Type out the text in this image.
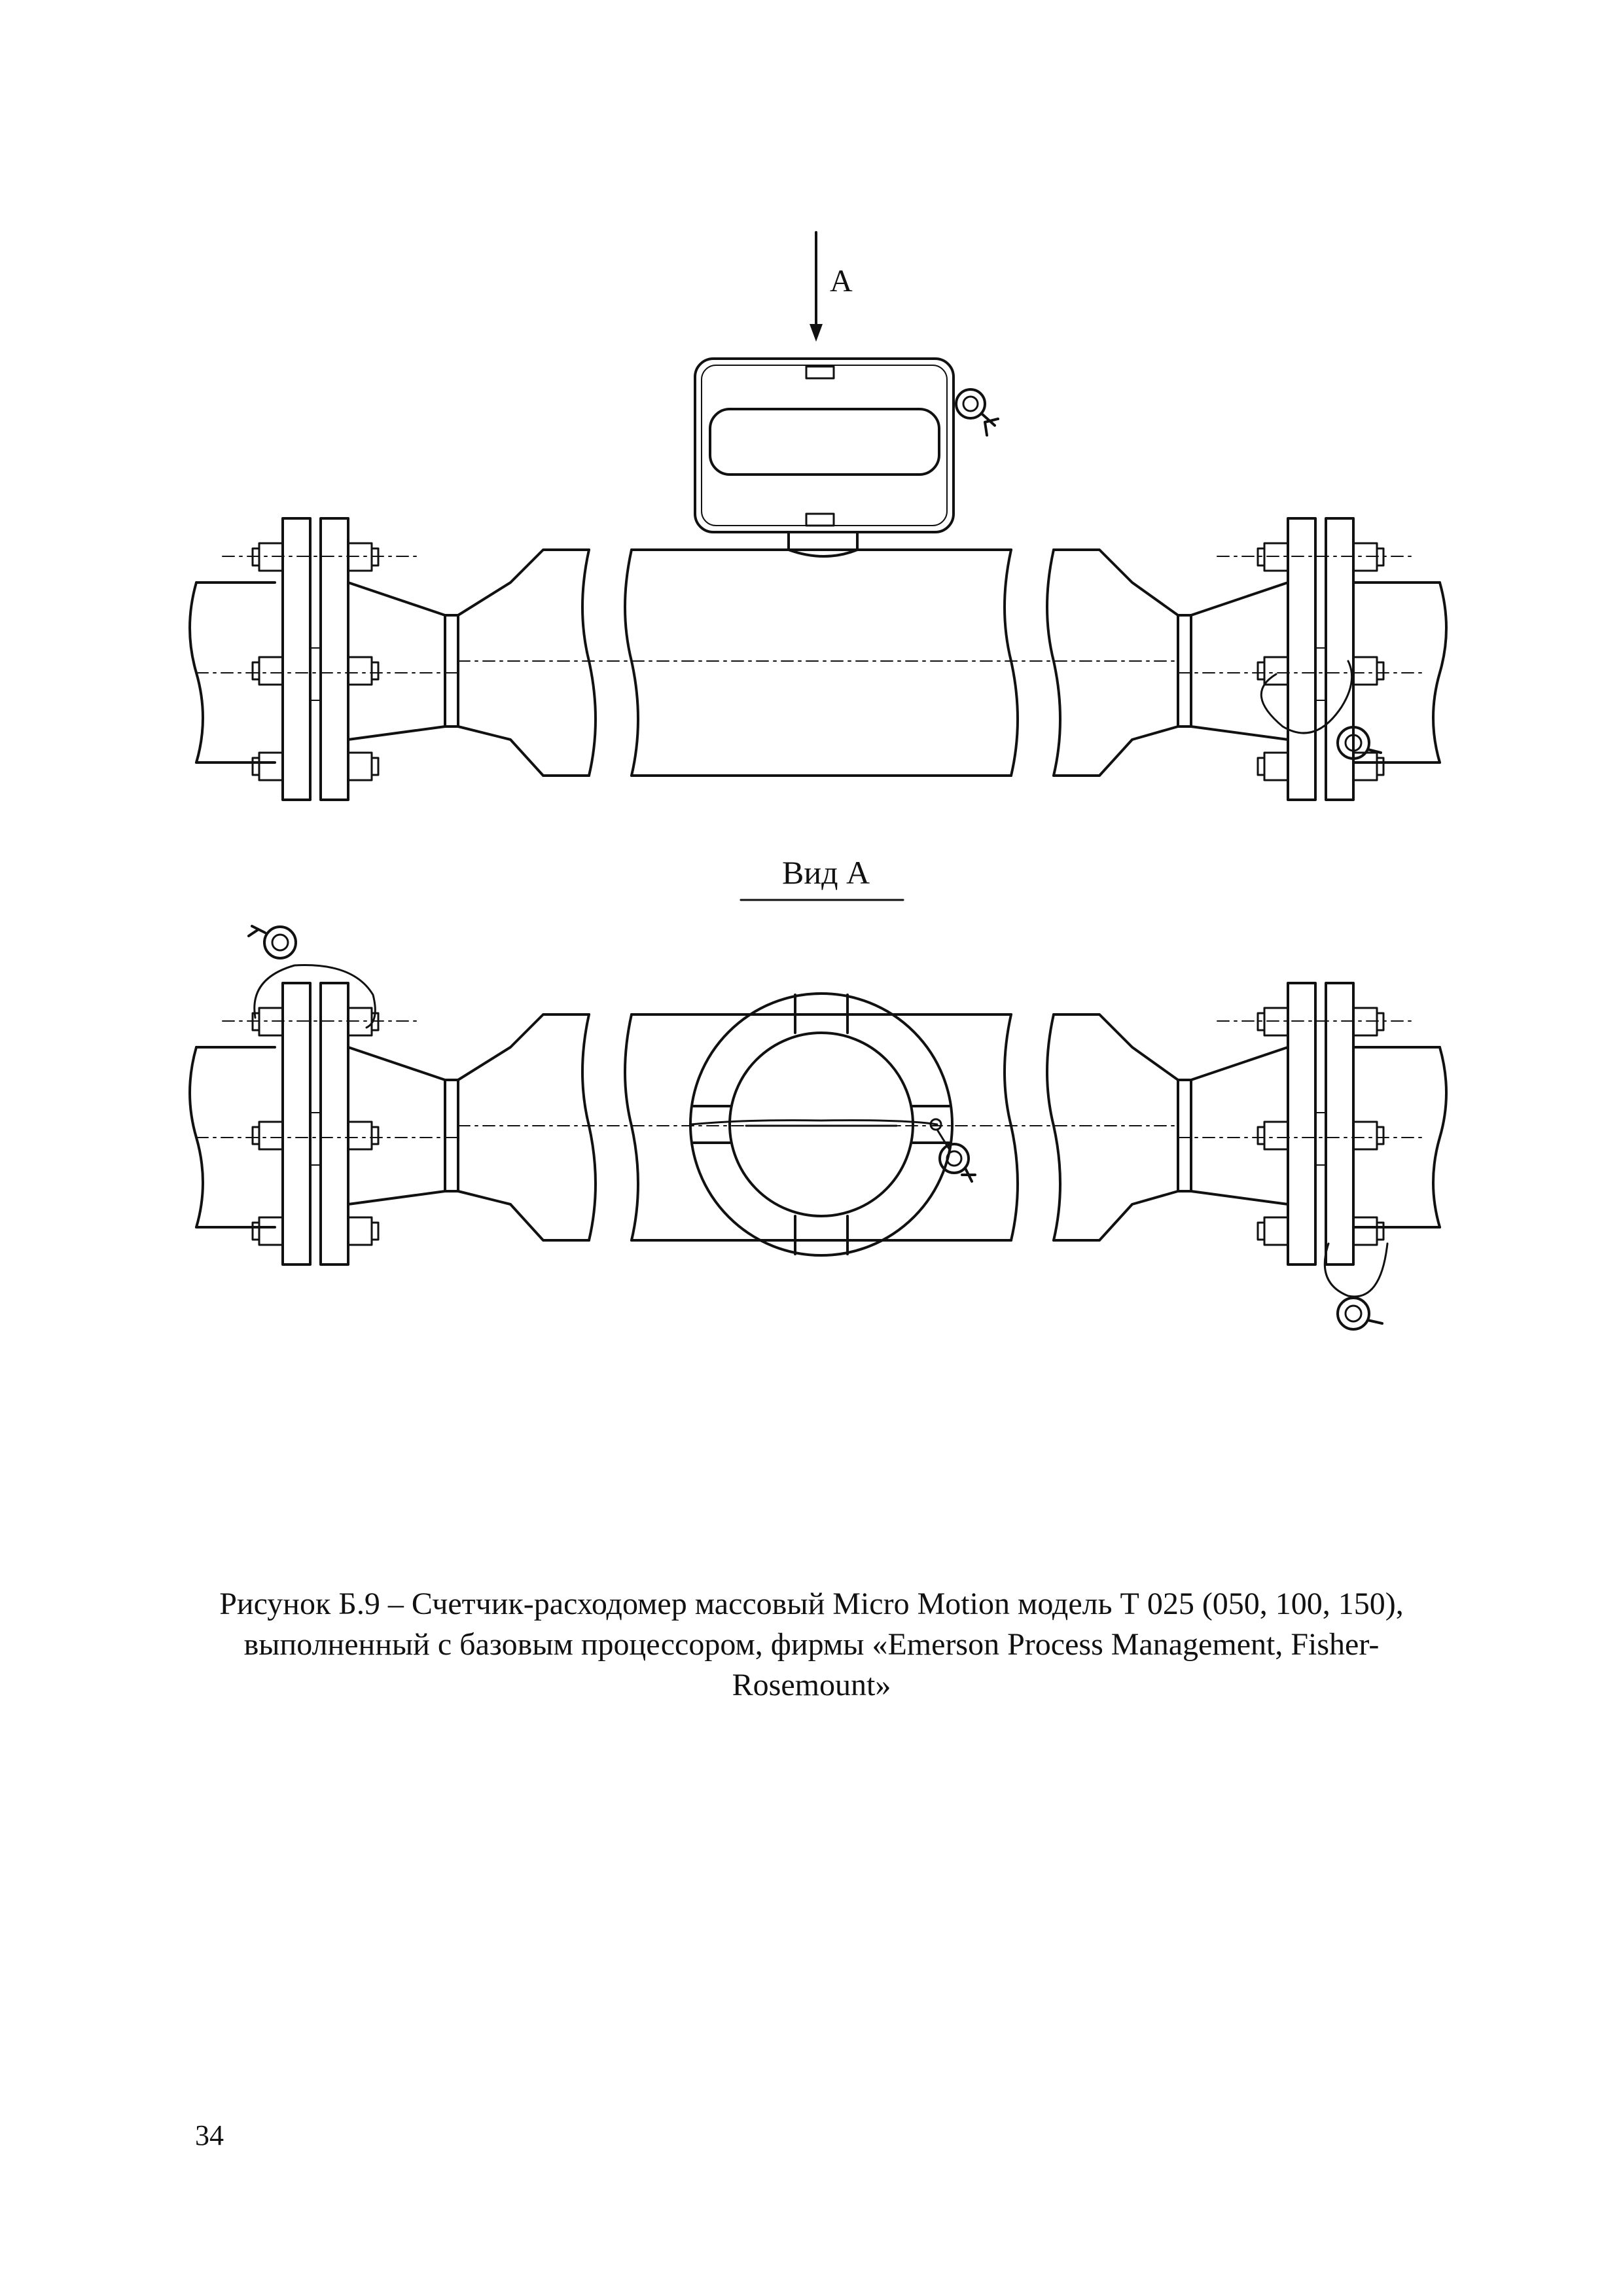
А
Вид А
Рисунок Б.9 – Счетчик-расходомер массовый Micro Motion модель Т 025 (050, 100, 150),
выполненный с базовым процессором, фирмы «Emerson Process Management, Fisher-
Rosemount»
34
